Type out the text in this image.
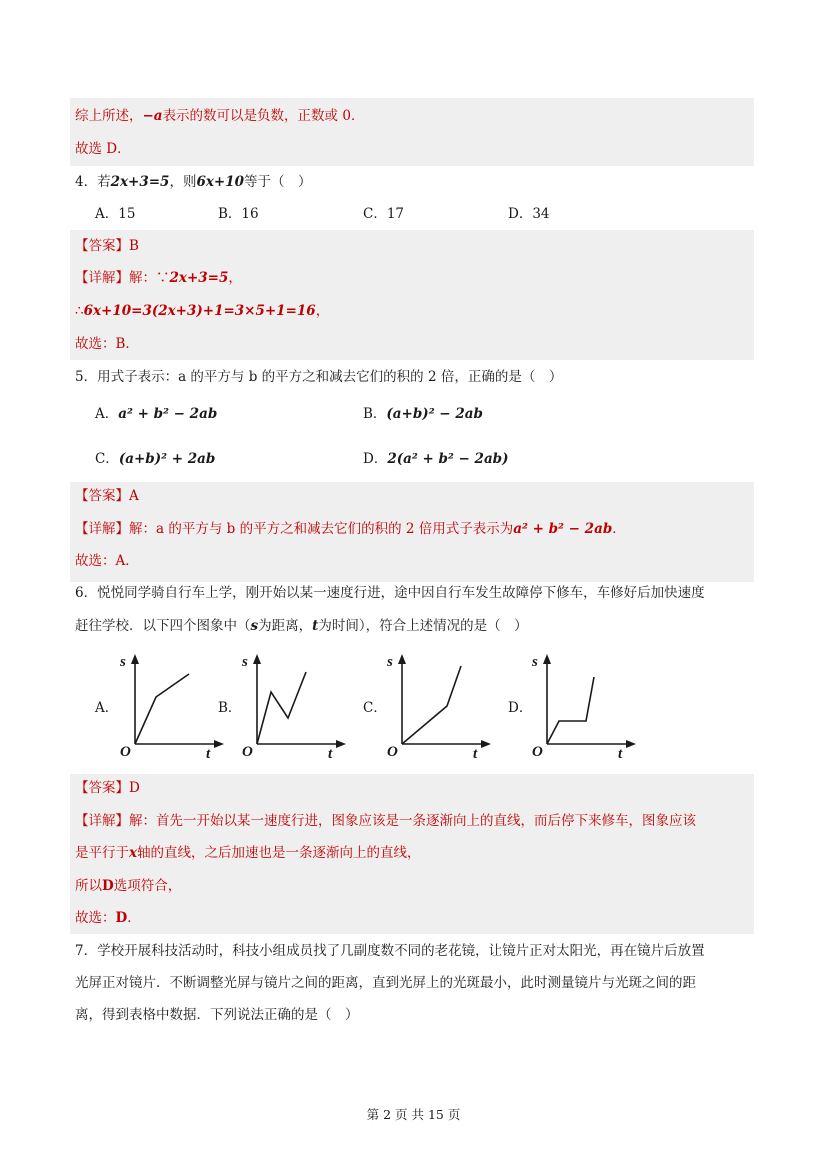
综上所述，−a表示的数可以是负数，正数或 0．
故选 D．
4．若2x+3=5，则6x+10等于（　）
A．15	B．16	C．17	D．34
【答案】B
【详解】解：∵2x+3=5，
∴6x+10=3(2x+3)+1=3×5+1=16，
故选：B．
5．用式子表示：a 的平方与 b 的平方之和减去它们的积的 2 倍，正确的是（　）
A．a² + b² − 2ab	B．(a+b)² − 2ab
C．(a+b)² + 2ab	D．2(a² + b² − 2ab)
【答案】A
【详解】解：a 的平方与 b 的平方之和减去它们的积的 2 倍用式子表示为a² + b² − 2ab．
故选：A．
6．悦悦同学骑自行车上学，刚开始以某一速度行进，途中因自行车发生故障停下修车，车修好后加快速度
赶往学校．以下四个图象中（s为距离，t为时间），符合上述情况的是（　）
A．	B．	C．	D．
s
t
O
s
t
O
s
t
O
s
t
O
【答案】D
【详解】解：首先一开始以某一速度行进，图象应该是一条逐渐向上的直线，而后停下来修车，图象应该
是平行于x轴的直线，之后加速也是一条逐渐向上的直线，
所以D选项符合，
故选：D．
7．学校开展科技活动时，科技小组成员找了几副度数不同的老花镜，让镜片正对太阳光，再在镜片后放置
光屏正对镜片．不断调整光屏与镜片之间的距离，直到光屏上的光斑最小，此时测量镜片与光斑之间的距
离，得到表格中数据．下列说法正确的是（　）
第 2 页 共 15 页
